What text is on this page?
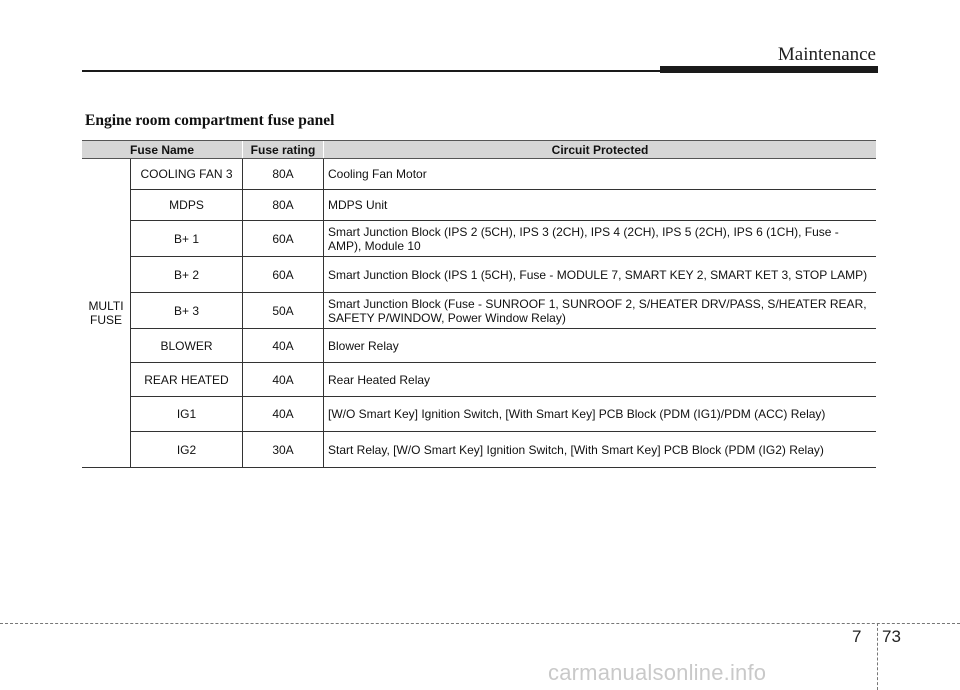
Maintenance
Engine room compartment fuse panel
Fuse Name		Fuse rating	Circuit Protected
MULTI FUSE	COOLING FAN 3	80A	Cooling Fan Motor
	MDPS	80A	MDPS Unit
	B+ 1	60A	Smart Junction Block (IPS 2 (5CH), IPS 3 (2CH), IPS 4 (2CH), IPS 5 (2CH), IPS 6 (1CH), Fuse - AMP), Module 10
	B+ 2	60A	Smart Junction Block (IPS 1 (5CH), Fuse - MODULE 7, SMART KEY 2, SMART KET 3, STOP LAMP)
	B+ 3	50A	Smart Junction Block (Fuse - SUNROOF 1, SUNROOF 2, S/HEATER DRV/PASS, S/HEATER REAR, SAFETY P/WINDOW, Power Window Relay)
	BLOWER	40A	Blower Relay
	REAR HEATED	40A	Rear Heated Relay
	IG1	40A	[W/O Smart Key] Ignition Switch, [With Smart Key] PCB Block (PDM (IG1)/PDM (ACC) Relay)
	IG2	30A	Start Relay, [W/O Smart Key] Ignition Switch, [With Smart Key] PCB Block (PDM (IG2) Relay)
7 73
carmanualsonline.info
